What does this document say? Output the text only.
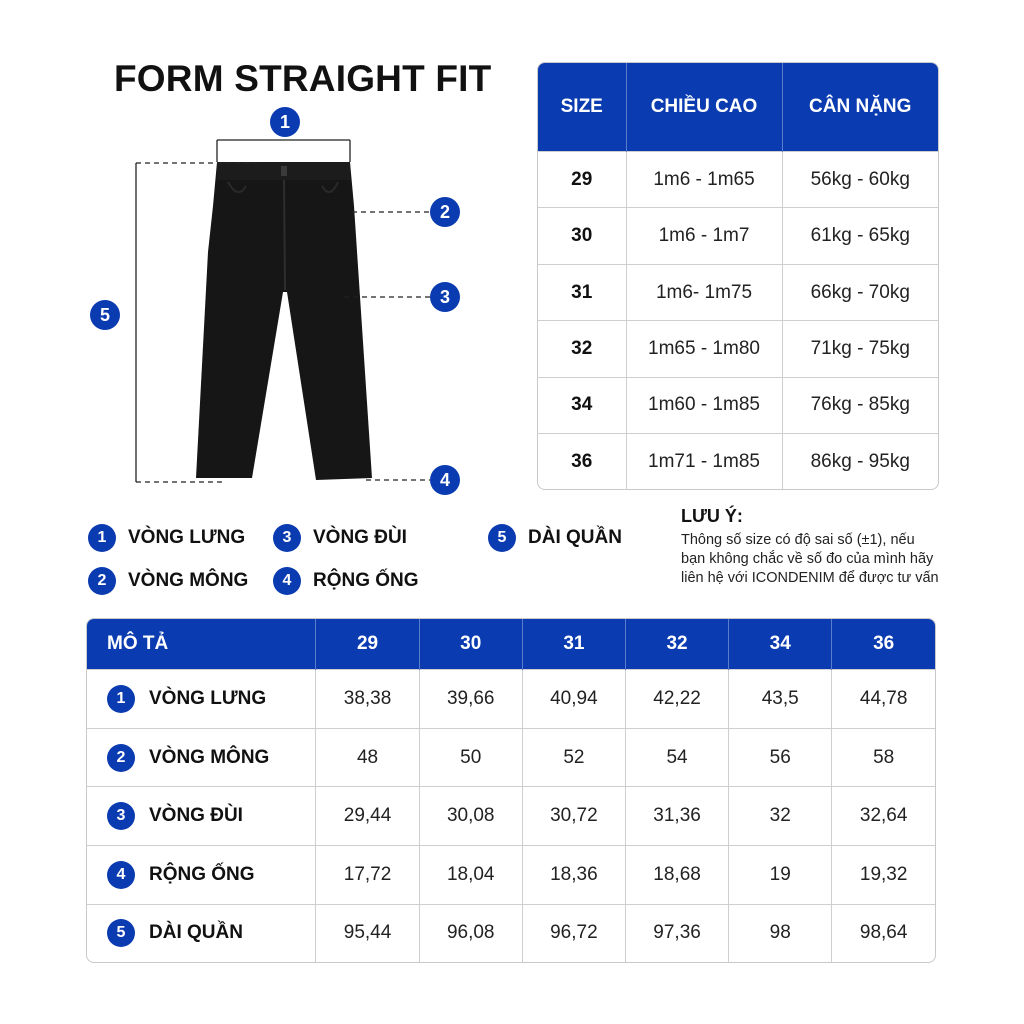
FORM STRAIGHT FIT
1
2
3
4
5
SIZE	CHIỀU CAO	CÂN NẶNG
29	1m6 - 1m65	56kg - 60kg
30	1m6 - 1m7	61kg - 65kg
31	1m6- 1m75	66kg - 70kg
32	1m65 - 1m80	71kg - 75kg
34	1m60 - 1m85	76kg - 85kg
36	1m71 - 1m85	86kg - 95kg
1	VÒNG LƯNG
2	VÒNG MÔNG
3	VÒNG ĐÙI
4	RỘNG ỐNG
5	DÀI QUẦN
LƯU Ý:
Thông số size có độ sai số (±1), nếu bạn không chắc về số đo của mình hãy liên hệ với ICONDENIM để được tư vấn
MÔ TẢ	29	30	31	32	34	36

1 VÒNG LƯNG	38,38	39,66	40,94	42,22	43,5	44,78

2 VÒNG MÔNG	48	50	52	54	56	58

3 VÒNG ĐÙI	29,44	30,08	30,72	31,36	32	32,64

4 RỘNG ỐNG	17,72	18,04	18,36	18,68	19	19,32

5 DÀI QUẦN	95,44	96,08	96,72	97,36	98	98,64
